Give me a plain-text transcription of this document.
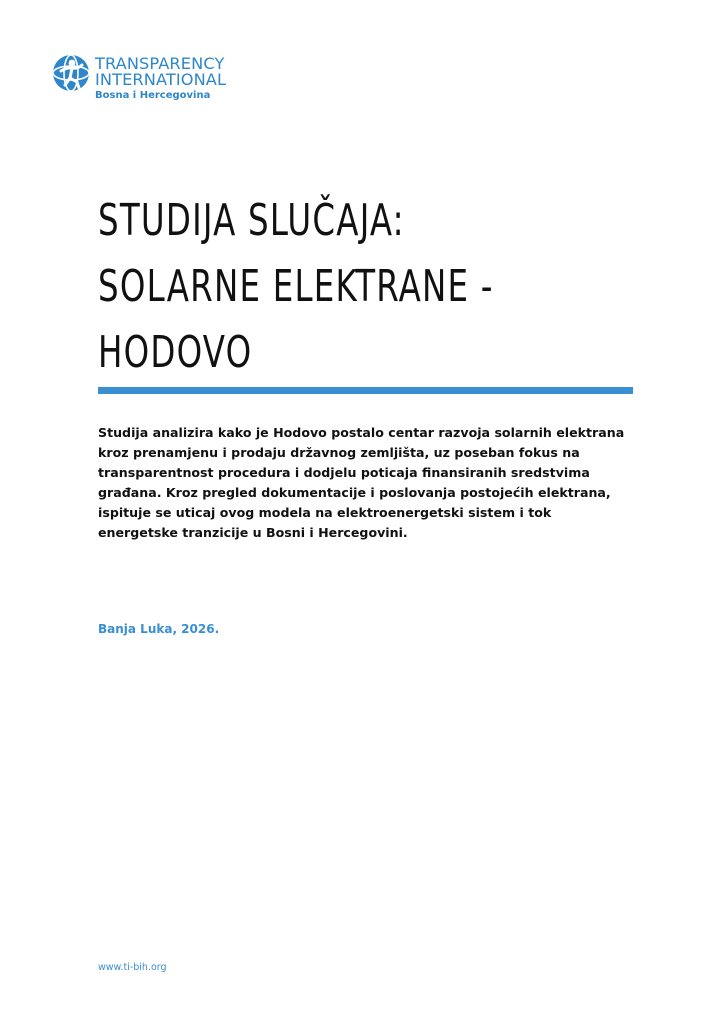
TRANSPARENCY
INTERNATIONAL
Bosna i Hercegovina
STUDIJA SLUČAJA:
SOLARNE ELEKTRANE -
HODOVO

Studija analizira kako je Hodovo postalo centar razvoja solarnih elektrana kroz prenamjenu i prodaju državnog zemljišta, uz poseban fokus na transparentnost procedura i dodjelu poticaja finansiranih sredstvima građana. Kroz pregled dokumentacije i poslovanja postojećih elektrana, ispituje se uticaj ovog modela na elektroenergetski sistem i tok energetske tranzicije u Bosni i Hercegovini.

Banja Luka, 2026.

www.ti-bih.org
